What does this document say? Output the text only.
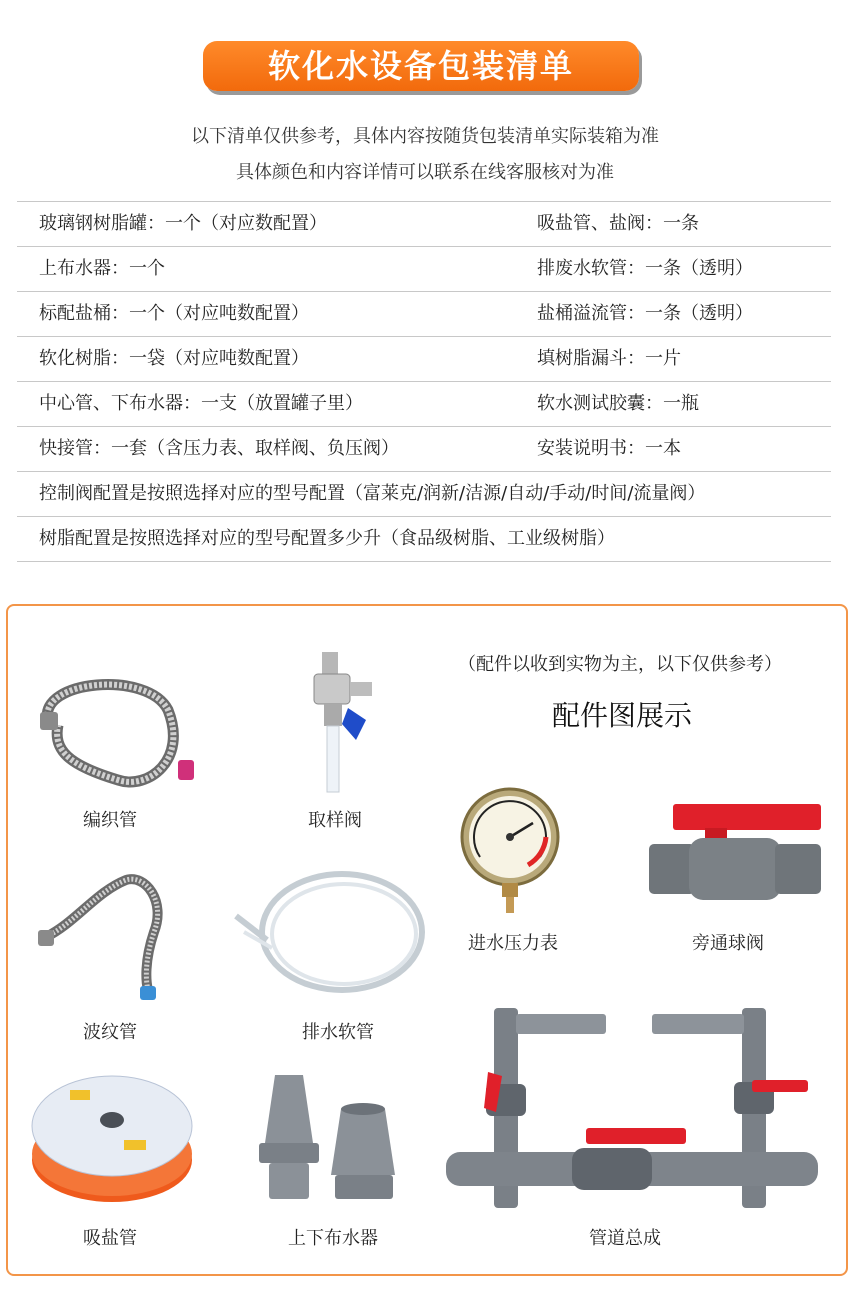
软化水设备包装清单
以下清单仅供参考，具体内容按随货包装清单实际装箱为准
具体颜色和内容详情可以联系在线客服核对为准
玻璃钢树脂罐：一个（对应数配置）	吸盐管、盐阀：一条
上布水器：一个	排废水软管：一条（透明）
标配盐桶：一个（对应吨数配置）	盐桶溢流管：一条（透明）
软化树脂：一袋（对应吨数配置）	填树脂漏斗：一片
中心管、下布水器：一支（放置罐子里）	软水测试胶囊：一瓶
快接管：一套（含压力表、取样阀、负压阀）	安装说明书：一本
控制阀配置是按照选择对应的型号配置（富莱克/润新/洁源/自动/手动/时间/流量阀）
树脂配置是按照选择对应的型号配置多少升（食品级树脂、工业级树脂）
（配件以收到实物为主，以下仅供参考）
配件图展示
编织管	取样阀
进水压力表	旁通球阀
波纹管	排水软管
吸盐管	上下布水器	管道总成
